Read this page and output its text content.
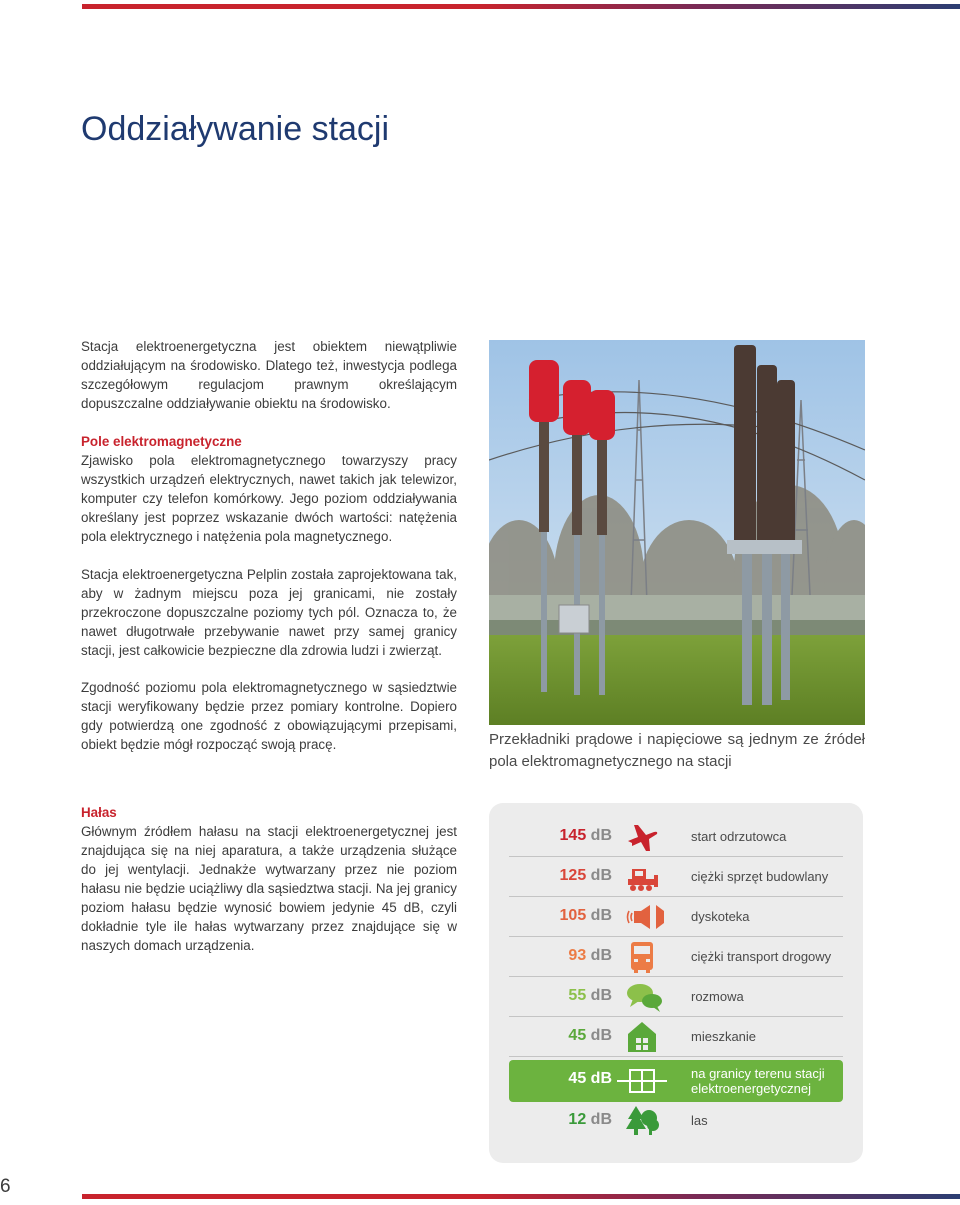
Oddziaływanie stacji

Stacja elektroenergetyczna jest obiektem niewątpliwie oddziałującym na środowisko. Dlatego też, inwestycja podlega szczegółowym regulacjom prawnym określającym dopuszczalne oddziaływanie obiektu na środowisko.

Pole elektromagnetyczne

Zjawisko pola elektromagnetycznego towarzyszy pracy wszystkich urządzeń elektrycznych, nawet takich jak telewizor, komputer czy telefon komórkowy. Jego poziom oddziaływania określany jest poprzez wskazanie dwóch wartości: natężenia pola elektrycznego i natężenia pola magnetycznego.

Stacja elektroenergetyczna Pelplin została zaprojektowana tak, aby w żadnym miejscu poza jej granicami, nie zostały przekroczone dopuszczalne poziomy tych pól. Oznacza to, że nawet długotrwałe przebywanie nawet przy samej granicy stacji, jest całkowicie bezpieczne dla zdrowia ludzi i zwierząt.

Zgodność poziomu pola elektromagnetycznego w sąsiedztwie stacji weryfikowany będzie przez pomiary kontrolne. Dopiero gdy potwierdzą one zgodność z obowiązującymi przepisami, obiekt będzie mógł rozpocząć swoją pracę.	Przekładniki prądowe i napięciowe są jednym ze źródeł pola elektromagnetycznego na stacji

Hałas

Głównym źródłem hałasu na stacji elektroenergetycznej jest znajdująca się na niej aparatura, a także urządzenia służące do jej wentylacji. Jednakże wytwarzany przez nie poziom hałasu nie będzie uciążliwy dla sąsiedztwa stacji. Na jej granicy poziom hałasu będzie wynosić bowiem jedynie 45 dB, czyli dokładnie tyle ile hałas wytwarzany przez znajdujące się w naszych domach urządzenia.

145 dB	start odrzutowca
125 dB	ciężki sprzęt budowlany
105 dB	dyskoteka
93 dB	ciężki transport drogowy
55 dB	rozmowa
45 dB	mieszkanie
45 dB	na granicy terenu stacji elektroenergetycznej
12 dB	las
6
